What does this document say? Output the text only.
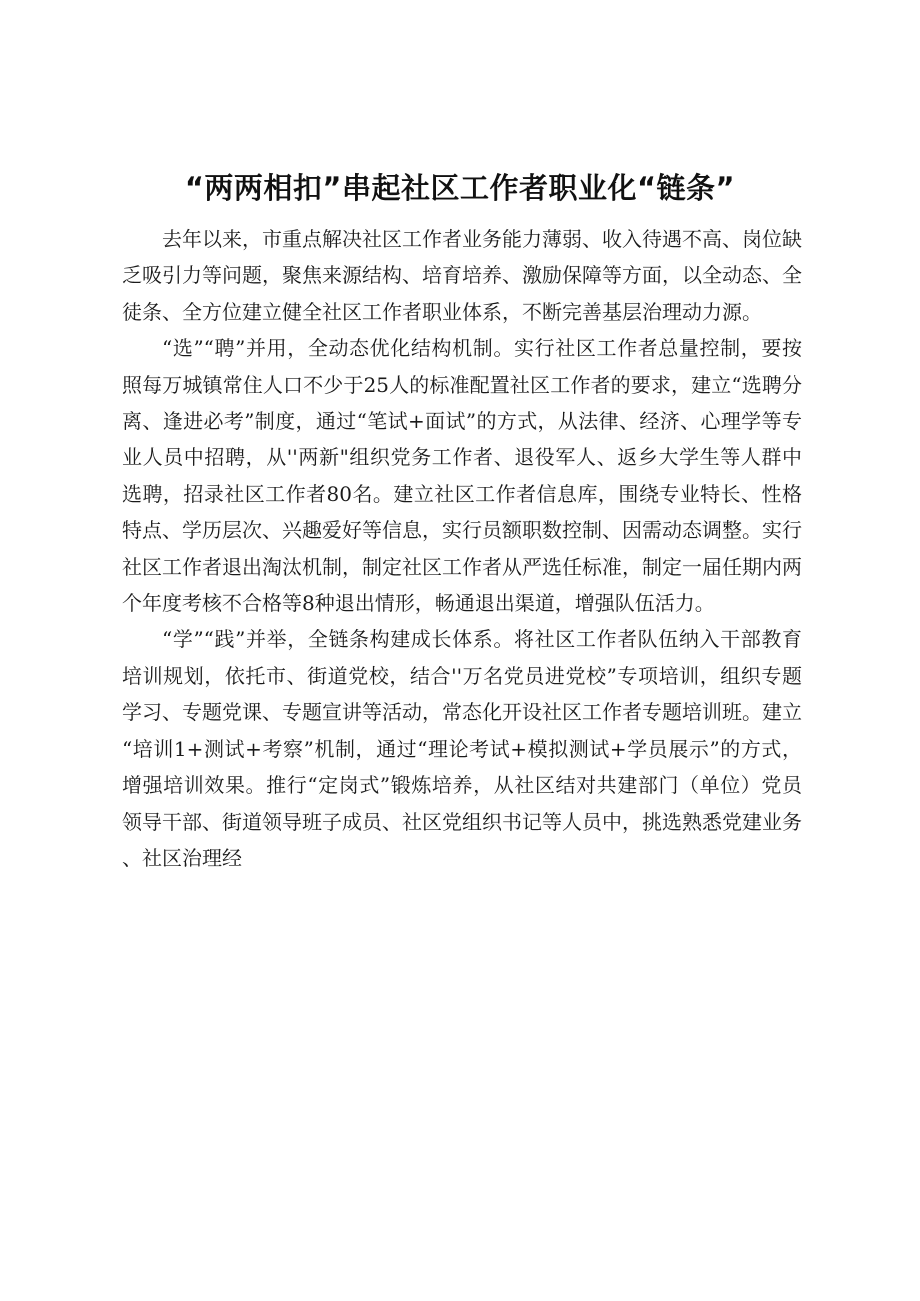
“两两相扣”串起社区工作者职业化“链条”

去年以来，市重点解决社区工作者业务能力薄弱、收入待遇不高、岗位缺乏吸引力等问题，聚焦来源结构、培育培养、激励保障等方面，以全动态、全徒条、全方位建立健全社区工作者职业体系，不断完善基层治理动力源。

“选”“聘”并用，全动态优化结构机制。实行社区工作者总量控制，要按照每万城镇常住人口不少于25人的标准配置社区工作者的要求，建立“选聘分离、逢进必考”制度，通过“笔试+面试”的方式，从法律、经济、心理学等专业人员中招聘，从''两新"组织党务工作者、退役军人、返乡大学生等人群中选聘，招录社区工作者80名。建立社区工作者信息库，围绕专业特长、性格特点、学历层次、兴趣爱好等信息，实行员额职数控制、因需动态调整。实行社区工作者退出淘汰机制，制定社区工作者从严选任标准，制定一届任期内两个年度考核不合格等8种退出情形，畅通退出渠道，增强队伍活力。

“学”“践”并举，全链条构建成长体系。将社区工作者队伍纳入干部教育培训规划，依托市、街道党校，结合''万名党员进党校”专项培训，组织专题学习、专题党课、专题宣讲等活动，常态化开设社区工作者专题培训班。建立“培训1+测试+考察”机制，通过“理论考试+模拟测试+学员展示”的方式，增强培训效果。推行“定岗式”锻炼培养，从社区结对共建部门（单位）党员领导干部、街道领导班子成员、社区党组织书记等人员中，挑选熟悉党建业务、社区治理经
